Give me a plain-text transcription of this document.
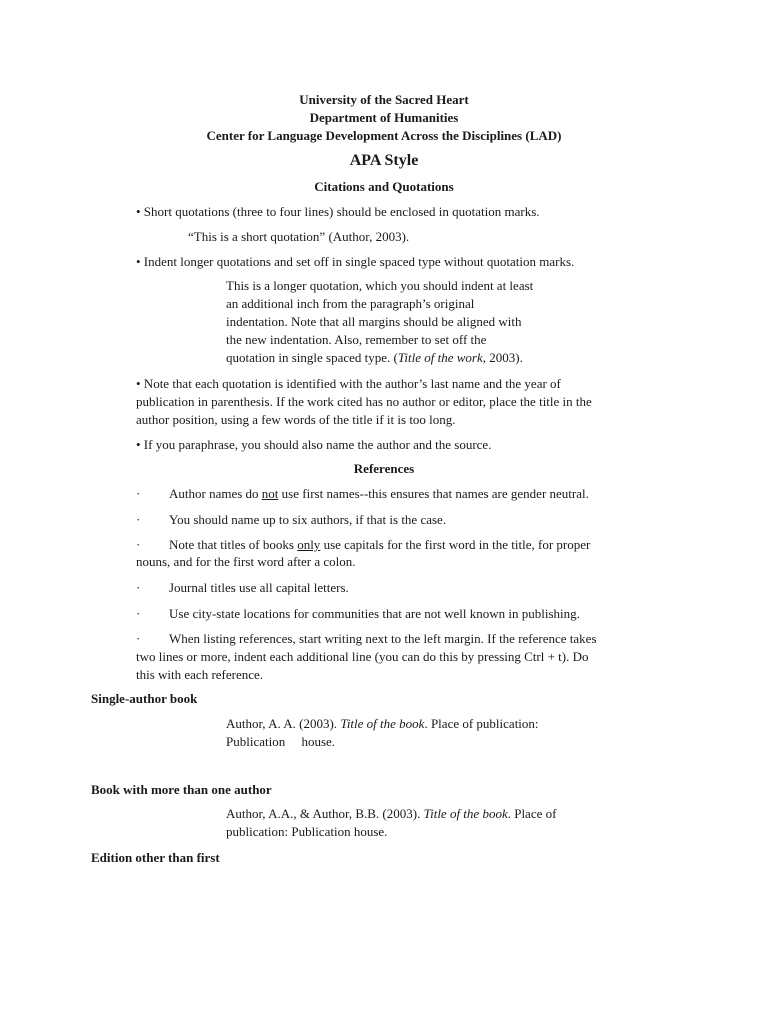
University of the Sacred Heart
Department of Humanities
Center for Language Development Across the Disciplines (LAD)
APA Style
Citations and Quotations
• Short quotations (three to four lines) should be enclosed in quotation marks.
“This is a short quotation” (Author, 2003).
• Indent longer quotations and set off in single spaced type without quotation marks.
This is a longer quotation, which you should indent at least
an additional inch from the paragraph’s original
indentation. Note that all margins should be aligned with
the new indentation. Also, remember to set off the
quotation in single spaced type. (Title of the work, 2003).
• Note that each quotation is identified with the author’s last name and the year of
publication in parenthesis. If the work cited has no author or editor, place the title in the
author position, using a few words of the title if it is too long.
• If you paraphrase, you should also name the author and the source.
References
· Author names do not use first names--this ensures that names are gender neutral.
· You should name up to six authors, if that is the case.
· Note that titles of books only use capitals for the first word in the title, for proper
nouns, and for the first word after a colon.
· Journal titles use all capital letters.
· Use city-state locations for communities that are not well known in publishing.
· When listing references, start writing next to the left margin. If the reference takes
two lines or more, indent each additional line (you can do this by pressing Ctrl + t). Do
this with each reference.
Single-author book
Author, A. A. (2003). Title of the book. Place of publication:
Publication     house.
Book with more than one author
Author, A.A., & Author, B.B. (2003). Title of the book. Place of
publication: Publication house.
Edition other than first
